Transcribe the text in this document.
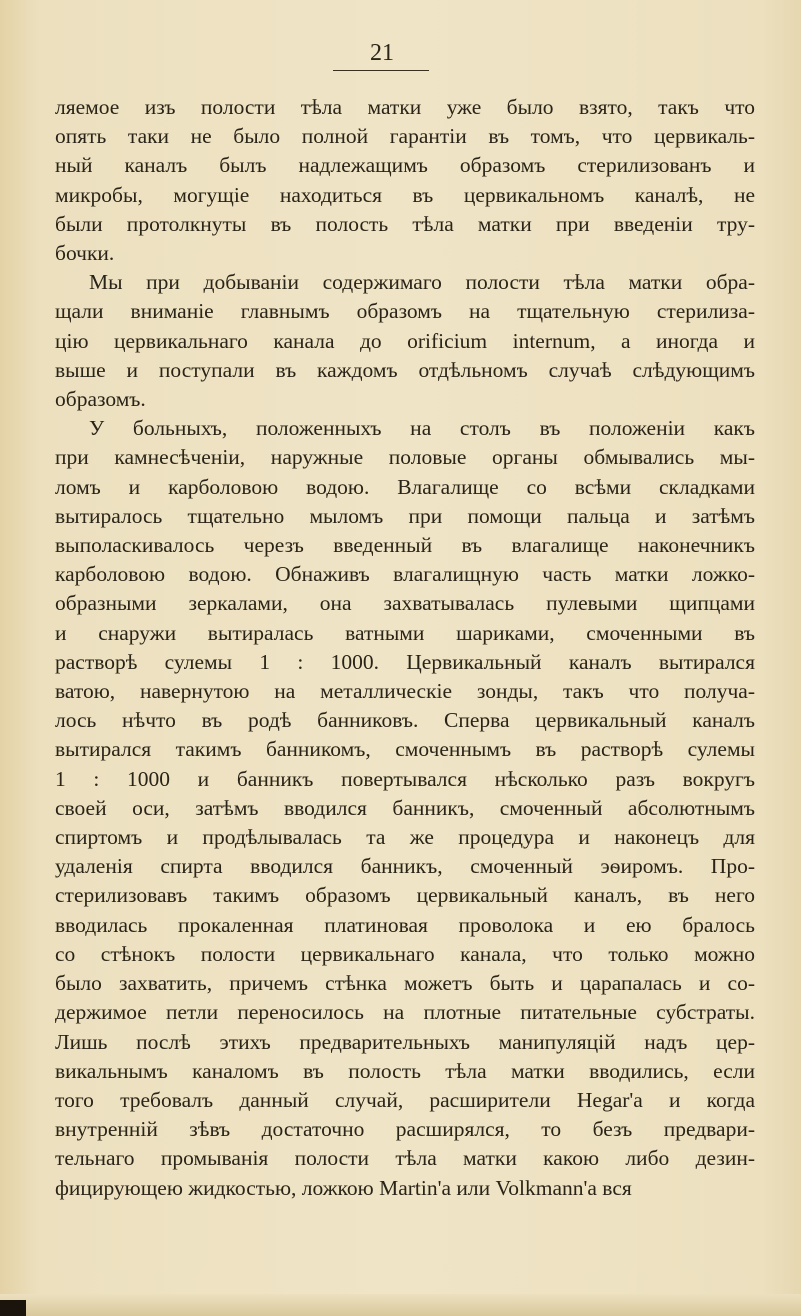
21
ляемое изъ полости тѣла матки уже было взято, такъ что
опять таки не было полной гарантіи въ томъ, что цервикаль-
ный каналъ былъ надлежащимъ образомъ стерилизованъ и
микробы, могущіе находиться въ цервикальномъ каналѣ, не
были протолкнуты въ полость тѣла матки при введеніи тру-
бочки.
Мы при добываніи содержимаго полости тѣла матки обра-
щали вниманіе главнымъ образомъ на тщательную стерилиза-
цію цервикальнаго канала до orificium internum, а иногда и
выше и поступали въ каждомъ отдѣльномъ случаѣ слѣдующимъ
образомъ.
У больныхъ, положенныхъ на столъ въ положеніи какъ
при камнесѣченіи, наружные половые органы обмывались мы-
ломъ и карболовою водою. Влагалище со всѣми складками
вытиралось тщательно мыломъ при помощи пальца и затѣмъ
выполаскивалось черезъ введенный въ влагалище наконечникъ
карболовою водою. Обнаживъ влагалищную часть матки ложко-
образными зеркалами, она захватывалась пулевыми щипцами
и снаружи вытиралась ватными шариками, смоченными въ
растворѣ сулемы 1 : 1000. Цервикальный каналъ вытирался
ватою, навернутою на металлическіе зонды, такъ что получа-
лось нѣчто въ родѣ банниковъ. Сперва цервикальный каналъ
вытирался такимъ банникомъ, смоченнымъ въ растворѣ сулемы
1 : 1000 и банникъ повертывался нѣсколько разъ вокругъ
своей оси, затѣмъ вводился банникъ, смоченный абсолютнымъ
спиртомъ и продѣлывалась та же процедура и наконецъ для
удаленія спирта вводился банникъ, смоченный эѳиромъ. Про-
стерилизовавъ такимъ образомъ цервикальный каналъ, въ него
вводилась прокаленная платиновая проволока и ею бралось
со стѣнокъ полости цервикальнаго канала, что только можно
было захватить, причемъ стѣнка можетъ быть и царапалась и со-
держимое петли переносилось на плотные питательные субстраты.
Лишь послѣ этихъ предварительныхъ манипуляцій надъ цер-
викальнымъ каналомъ въ полость тѣла матки вводились, если
того требовалъ данный случай, расширители Hegar'а и когда
внутренній зѣвъ достаточно расширялся, то безъ предвари-
тельнаго промыванія полости тѣла матки какою либо дезин-
фицирующею жидкостью, ложкою Martin'а или Volkmann'а вся
